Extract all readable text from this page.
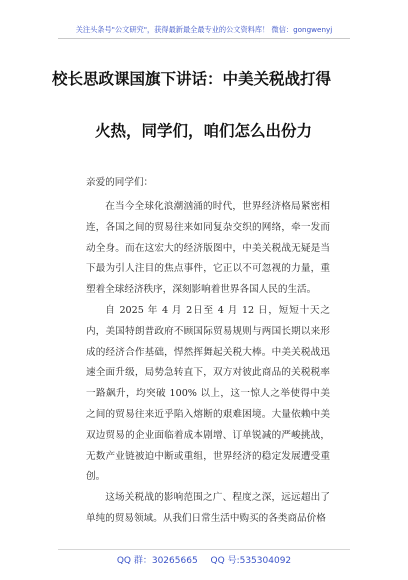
关注头条号"公文研究"，获得最新最全最专业的公文资料库！ 微信：gongwenyj
校长思政课国旗下讲话：中美关税战打得
火热，同学们，咱们怎么出份力
亲爱的同学们：
在当今全球化浪潮汹涌的时代，世界经济格局紧密相连，各国之间的贸易往来如同复杂交织的网络，牵一发而动全身。而在这宏大的经济版图中，中美关税战无疑是当下最为引人注目的焦点事件，它正以不可忽视的力量，重塑着全球经济秩序，深刻影响着世界各国人民的生活。
自 2025 年 4 月 2日至 4 月 12 日，短短十天之内，美国特朗普政府不顾国际贸易规则与两国长期以来形成的经济合作基础，悍然挥舞起关税大棒。中美关税战迅速全面升级，局势急转直下，双方对彼此商品的关税税率一路飙升，均突破 100% 以上，这一惊人之举使得中美之间的贸易往来近乎陷入熔断的艰难困境。大量依赖中美双边贸易的企业面临着成本剧增、订单锐减的严峻挑战，无数产业链被迫中断或重组，世界经济的稳定发展遭受重创。
这场关税战的影响范围之广、程度之深，远远超出了单纯的贸易领域。从我们日常生活中购买的各类商品价格
QQ 群：30265665 QQ 号:535304092
